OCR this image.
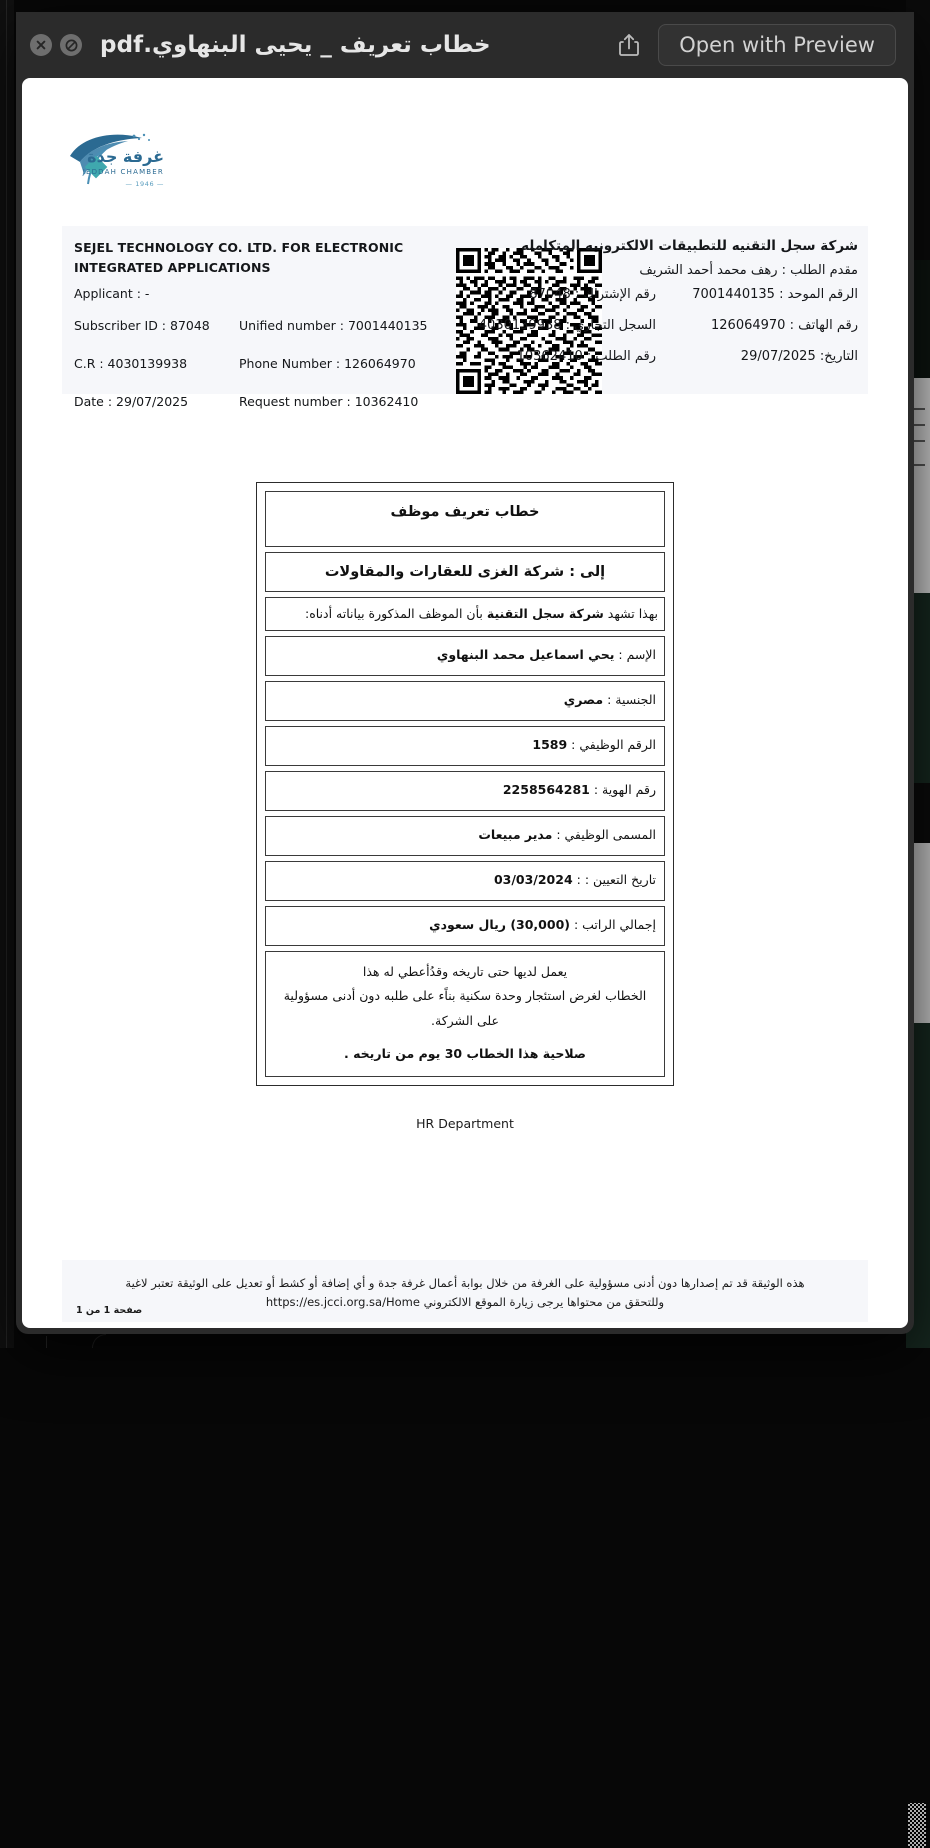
خطاب تعريف _ يحيى البنهاوي.pdf	Open with Preview
غرفة جدة
JEDDAH CHAMBER
— 1946 —
SEJEL TECHNOLOGY CO. LTD. FOR ELECTRONIC INTEGRATED APPLICATIONS
Applicant : -
Subscriber ID : 87048	Unified number : 7001440135
C.R : 4030139938	Phone Number : 126064970
Date : 29/07/2025	Request number : 10362410
شركة سجل التقنيه للتطبيقات الالكترونيه المتكامله
مقدم الطلب : رهف محمد أحمد الشريف
الرقم الموحد : 7001440135
رقم الإشتراك : 87048
رقم الهاتف : 126064970
السجل التجاري : 4030139938
التاريخ: 29/07/2025
رقم الطلب : 10362410
خطاب تعريف موظف
إلى : شركة الغزى للعقارات والمقاولات
بهذا تشهد شركة سجل التقنية بأن الموظف المذكورة بياناته أدناه:
الإسم : يحي اسماعيل محمد البنهاوي
الجنسية : مصري
الرقم الوظيفي : 1589
رقم الهوية : 2258564281
المسمى الوظيفي : مدير مبيعات
تاريخ التعيين : : 03/03/2024
إجمالي الراتب : (30,000) ريال سعودي
يعمل لديها حتى تاريخه وقدُأعطي له هذا
الخطاب لغرض استئجار وحدة سكنية بناًء على طلبه دون أدنى مسؤولية على الشركة.
صلاحية هذا الخطاب 30 يوم من تاريخه .
HR Department
هذه الوثيقة قد تم إصدارها دون أدنى مسؤولية على الغرفة من خلال بوابة أعمال غرفة جدة و أي إضافة أو كشط أو تعديل على الوثيقة تعتبر لاغية
وللتحقق من محتواها يرجى زيارة الموقع الالكتروني https://es.jcci.org.sa/Home
صفحة 1 من 1
